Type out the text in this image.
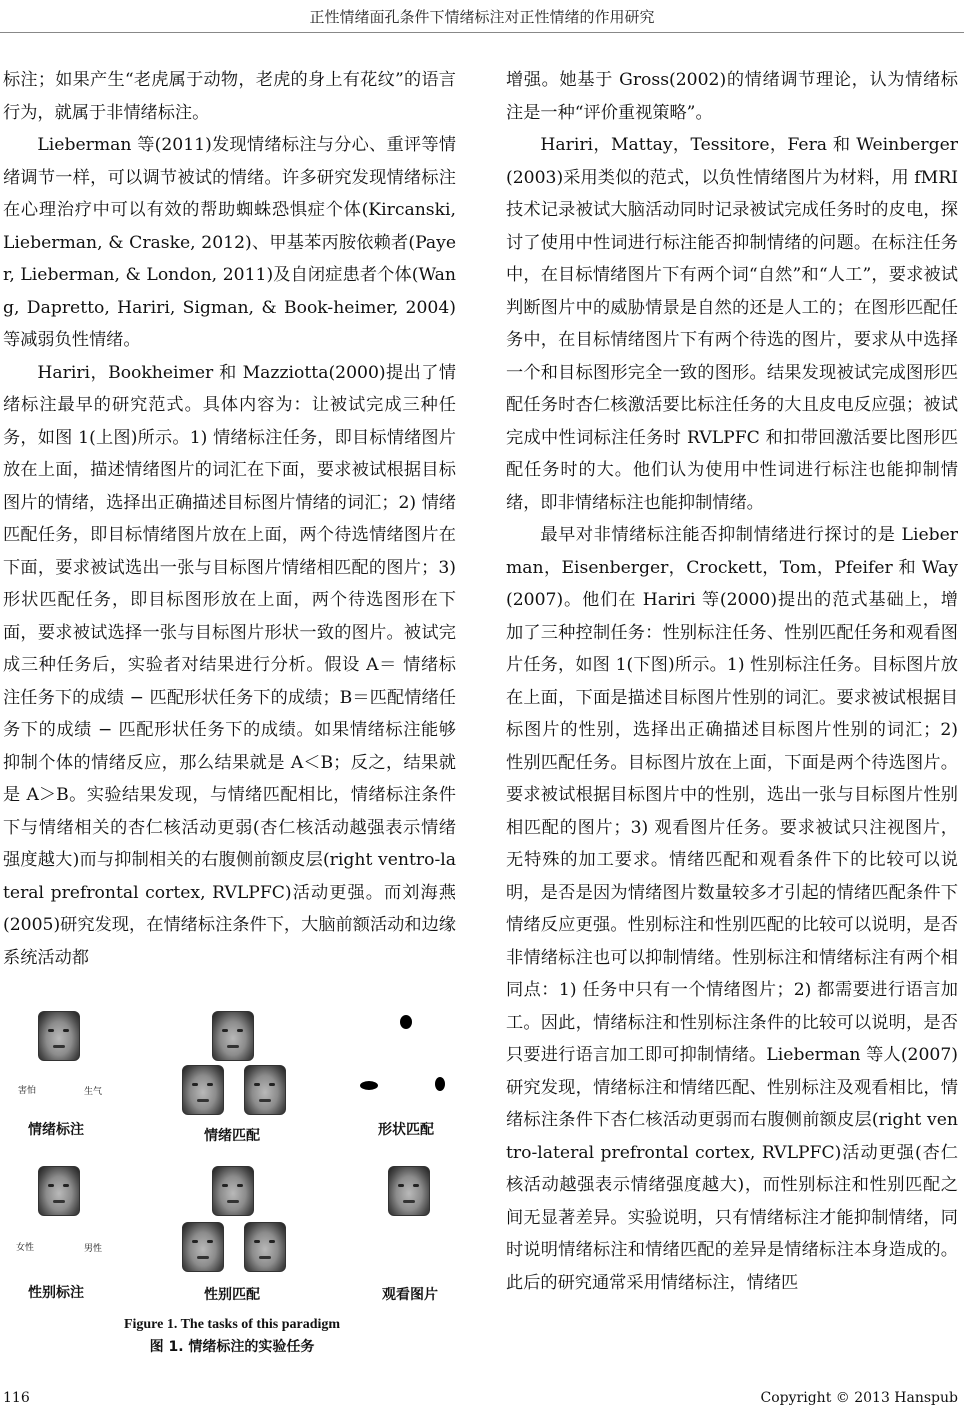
正性情绪面孔条件下情绪标注对正性情绪的作用研究

标注；如果产生“老虎属于动物，老虎的身上有花纹”的语言行为，就属于非情绪标注。

Lieberman 等(2011)发现情绪标注与分心、重评等情绪调节一样，可以调节被试的情绪。许多研究发现情绪标注在心理治疗中可以有效的帮助蜘蛛恐惧症个体(Kircanski, Lieberman, & Craske, 2012)、甲基苯丙胺依赖者(Payer, Lieberman, & London, 2011)及自闭症患者个体(Wang, Dapretto, Hariri, Sigman, & Book-heimer, 2004)等减弱负性情绪。

Hariri，Bookheimer 和 Mazziotta(2000)提出了情绪标注最早的研究范式。具体内容为：让被试完成三种任务，如图 1(上图)所示。1) 情绪标注任务，即目标情绪图片放在上面，描述情绪图片的词汇在下面，要求被试根据目标图片的情绪，选择出正确描述目标图片情绪的词汇；2) 情绪匹配任务，即目标情绪图片放在上面，两个待选情绪图片在下面，要求被试选出一张与目标图片情绪相匹配的图片；3) 形状匹配任务，即目标图形放在上面，两个待选图形在下面，要求被试选择一张与目标图片形状一致的图片。被试完成三种任务后，实验者对结果进行分析。假设 A＝ 情绪标注任务下的成绩 − 匹配形状任务下的成绩；B＝匹配情绪任务下的成绩 − 匹配形状任务下的成绩。如果情绪标注能够抑制个体的情绪反应，那么结果就是 A＜B；反之，结果就是 A＞B。实验结果发现，与情绪匹配相比，情绪标注条件下与情绪相关的杏仁核活动更弱(杏仁核活动越强表示情绪强度越大)而与抑制相关的右腹侧前额皮层(right ventro-lateral prefrontal cortex, RVLPFC)活动更强。而刘海燕(2005)研究发现，在情绪标注条件下，大脑前额活动和边缘系统活动都

害怕	生气
情绪标注	情绪匹配	形状匹配
女性	男性
性别标注	性别匹配	观看图片
Figure 1. The tasks of this paradigm
图 1. 情绪标注的实验任务

增强。她基于 Gross(2002)的情绪调节理论，认为情绪标注是一种“评价重视策略”。

Hariri，Mattay，Tessitore，Fera 和 Weinberger (2003)采用类似的范式，以负性情绪图片为材料，用 fMRI 技术记录被试大脑活动同时记录被试完成任务时的皮电，探讨了使用中性词进行标注能否抑制情绪的问题。在标注任务中，在目标情绪图片下有两个词“自然”和“人工”，要求被试判断图片中的威胁情景是自然的还是人工的；在图形匹配任务中，在目标情绪图片下有两个待选的图片，要求从中选择一个和目标图形完全一致的图形。结果发现被试完成图形匹配任务时杏仁核激活要比标注任务的大且皮电反应强；被试完成中性词标注任务时 RVLPFC 和扣带回激活要比图形匹配任务时的大。他们认为使用中性词进行标注也能抑制情绪，即非情绪标注也能抑制情绪。

最早对非情绪标注能否抑制情绪进行探讨的是 Lieberman，Eisenberger，Crockett，Tom，Pfeifer 和 Way(2007)。他们在 Hariri 等(2000)提出的范式基础上，增加了三种控制任务：性别标注任务、性别匹配任务和观看图片任务，如图 1(下图)所示。1) 性别标注任务。目标图片放在上面，下面是描述目标图片性别的词汇。要求被试根据目标图片的性别，选择出正确描述目标图片性别的词汇；2) 性别匹配任务。目标图片放在上面，下面是两个待选图片。要求被试根据目标图片中的性别，选出一张与目标图片性别相匹配的图片；3) 观看图片任务。要求被试只注视图片，无特殊的加工要求。情绪匹配和观看条件下的比较可以说明，是否是因为情绪图片数量较多才引起的情绪匹配条件下情绪反应更强。性别标注和性别匹配的比较可以说明，是否非情绪标注也可以抑制情绪。性别标注和情绪标注有两个相同点：1) 任务中只有一个情绪图片；2) 都需要进行语言加工。因此，情绪标注和性别标注条件的比较可以说明，是否只要进行语言加工即可抑制情绪。Lieberman 等人(2007)研究发现，情绪标注和情绪匹配、性别标注及观看相比，情绪标注条件下杏仁核活动更弱而右腹侧前额皮层(right ventro-lateral prefrontal cortex, RVLPFC)活动更强(杏仁核活动越强表示情绪强度越大)，而性别标注和性别匹配之间无显著差异。实验说明，只有情绪标注才能抑制情绪，同时说明情绪标注和情绪匹配的差异是情绪标注本身造成的。此后的研究通常采用情绪标注，情绪匹

116	Copyright © 2013 Hanspub
